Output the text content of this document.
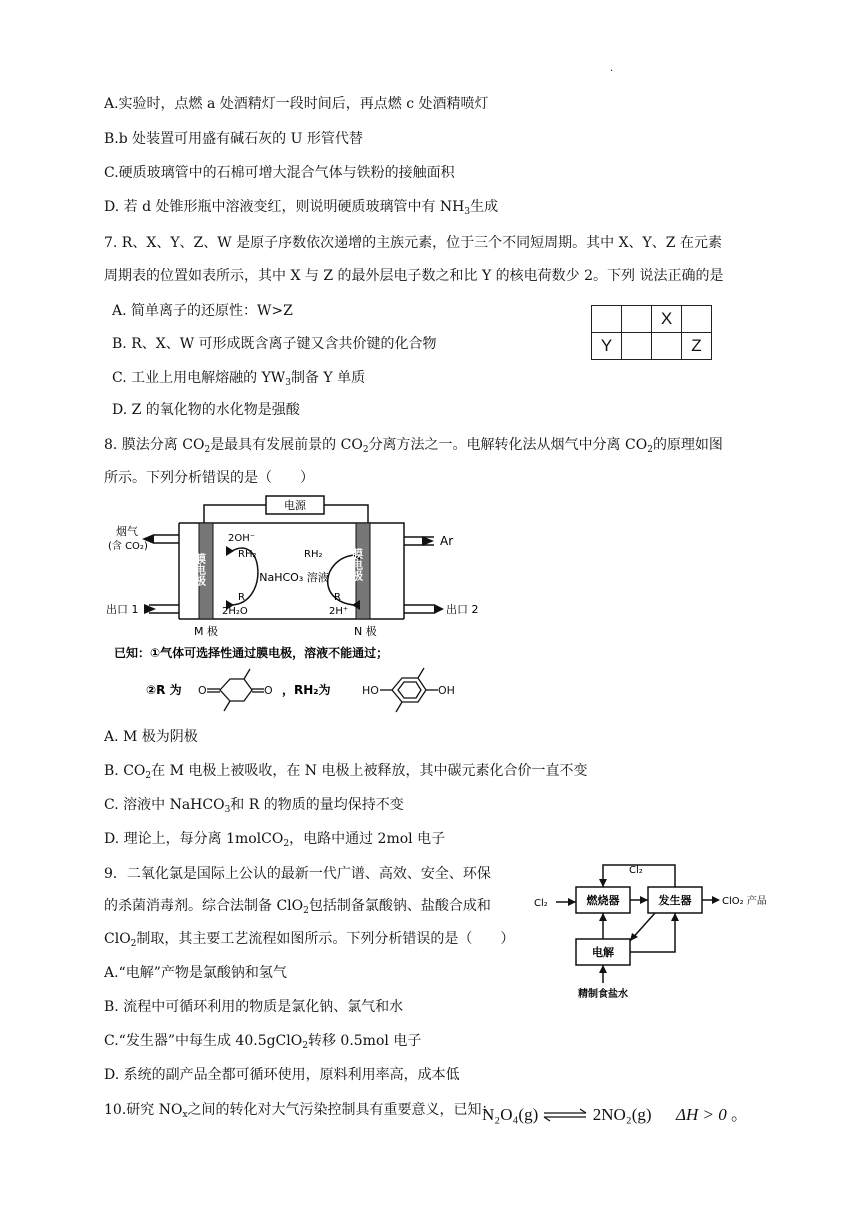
·
A.实验时，点燃 a 处酒精灯一段时间后，再点燃 c 处酒精喷灯
B.b 处装置可用盛有碱石灰的 U 形管代替
C.硬质玻璃管中的石棉可增大混合气体与铁粉的接触面积
D. 若 d 处锥形瓶中溶液变红，则说明硬质玻璃管中有 $NH_3$生成
7. R、X、Y、Z、W 是原子序数依次递增的主族元素，位于三个不同短周期。其中 X、Y、Z 在元素
周期表的位置如表所示，其中 X 与 Z 的最外层电子数之和比 Y 的核电荷数少 2。下列 说法正确的是
A. 简单离子的还原性：W>Z
B. R、X、W 可形成既含离子键又含共价键的化合物
C. 工业上用电解熔融的 $YW_3$制备 Y 单质
D. Z 的氧化物的水化物是强酸
		X	
Y			Z
8. 膜法分离 $CO_2$是最具有发展前景的 $CO_2$分离方法之一。电解转化法从烟气中分离 $CO_2$的原理如图
所示。下列分析错误的是（　　）
电源
烟气
(含 CO₂)
出口 1
Ar
出口 2
膜电极	膜电极
2OH⁻
RH₂
R
2H₂O
RH₂
R
2H⁺
NaHCO₃ 溶液
M 极	N 极
已知：①气体可选择性通过膜电极，溶液不能通过；
②R 为 O	O ，RH₂为	HO	OH
A. M 极为阴极
B. $CO_2$在 M 电极上被吸收，在 N 电极上被释放，其中碳元素化合价一直不变
C. 溶液中 NaHCO$_3$和 R 的物质的量均保持不变
D. 理论上，每分离 1molCO$_2$，电路中通过 2mol 电子
9．二氧化氯是国际上公认的最新一代广谱、高效、安全、环保
的杀菌消毒剂。综合法制备 ClO$_2$包括制备氯酸钠、盐酸合成和
ClO$_2$制取，其主要工艺流程如图所示。下列分析错误的是（　　）
A.“电解”产物是氯酸钠和氢气
B. 流程中可循环利用的物质是氯化钠、氯气和水
C.“发生器”中每生成 40.5gClO$_2$转移 0.5mol 电子
D. 系统的副产品全都可循环使用，原料利用率高，成本低
Cl₂
Cl₂	燃烧器	发生器	ClO₂ 产品
电解
精制食盐水
10.研究 $NO_x$之间的转化对大气污染控制具有重要意义，已知：
N₂O₄(g) ⇌ 2NO₂(g) ΔH > 0 。
